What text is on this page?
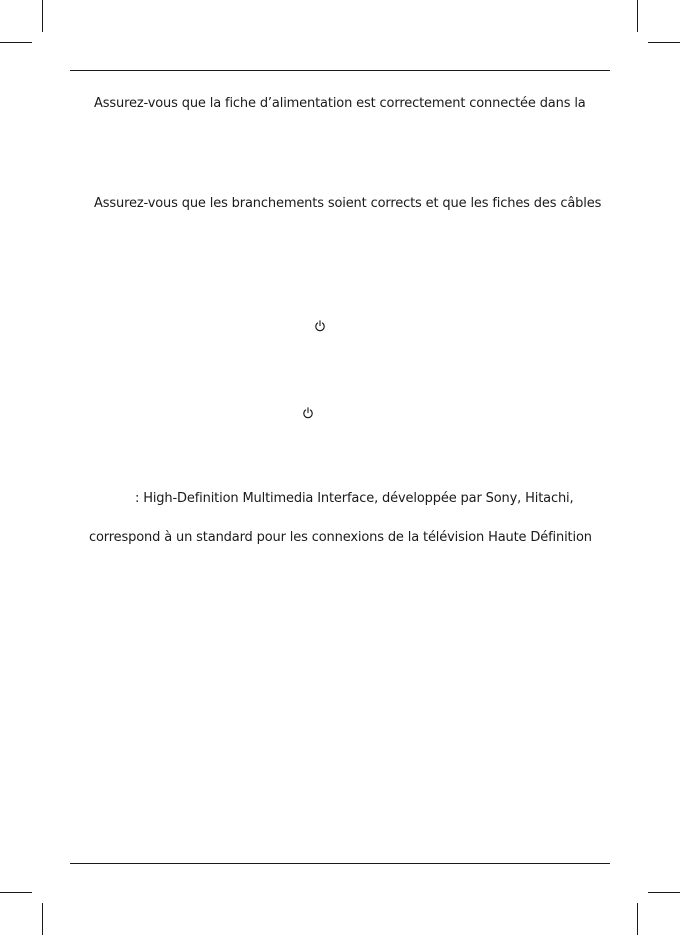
Assurez-vous que la fiche d’alimentation est correctement connectée dans la
Assurez-vous que les branchements soient corrects et que les fiches des câbles
: High-Definition Multimedia Interface, développée par Sony, Hitachi,
correspond à un standard pour les connexions de la télévision Haute Définition
